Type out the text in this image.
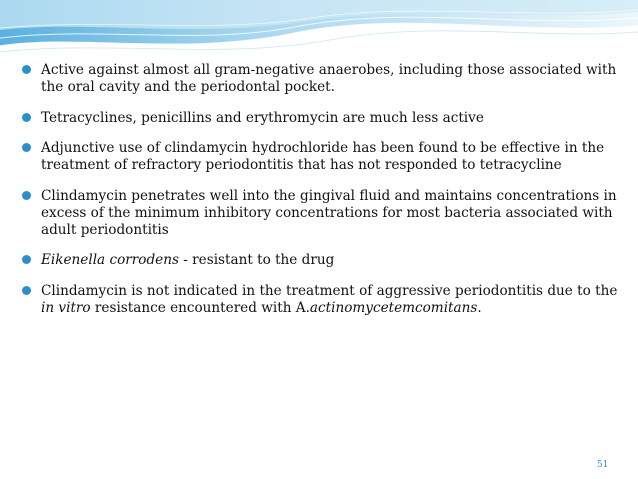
Active against almost all gram-negative anaerobes, including those associated with the oral cavity and the periodontal pocket.
Tetracyclines, penicillins and erythromycin are much less active
Adjunctive use of clindamycin hydrochloride has been found to be effective in the treatment of refractory periodontitis that has not responded to tetracycline
Clindamycin penetrates well into the gingival fluid and maintains concentrations in excess of the minimum inhibitory concentrations for most bacteria associated with adult periodontitis
Eikenella corrodens - resistant to the drug
Clindamycin is not indicated in the treatment of aggressive periodontitis due to the in vitro resistance encountered with A.actinomycetemcomitans.
51
